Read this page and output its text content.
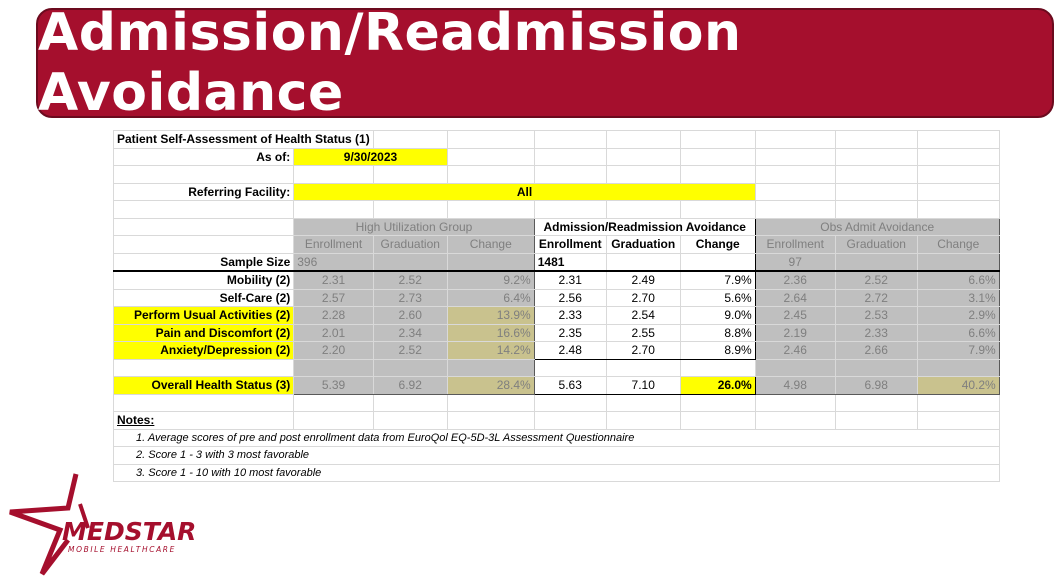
Admission/Readmission Avoidance
Patient Self-Assessment of Health Status (1)									
As of:	9/30/2023								

Referring Facility:	All								

	High Utilization Group			Admission/Readmission Avoidance			Obs Admit Avoidance		
	Enrollment	Graduation	Change	Enrollment	Graduation	Change	Enrollment	Graduation	Change
Sample Size	396			1481			97		
Mobility (2)	2.31	2.52	9.2%	2.31	2.49	7.9%	2.36	2.52	6.6%
Self-Care (2)	2.57	2.73	6.4%	2.56	2.70	5.6%	2.64	2.72	3.1%
Perform Usual Activities (2)	2.28	2.60	13.9%	2.33	2.54	9.0%	2.45	2.53	2.9%
Pain and Discomfort (2)	2.01	2.34	16.6%	2.35	2.55	8.8%	2.19	2.33	6.6%
Anxiety/Depression (2)	2.20	2.52	14.2%	2.48	2.70	8.9%	2.46	2.66	7.9%

Overall Health Status (3)	5.39	6.92	28.4%	5.63	7.10	26.0%	4.98	6.98	40.2%

Notes:									
1. Average scores of pre and post enrollment data from EuroQol EQ-5D-3L Assessment Questionnaire									
2. Score 1 - 3 with 3 most favorable									
3. Score 1 - 10 with 10 most favorable									
MEDSTAR
MOBILE HEALTHCARE
